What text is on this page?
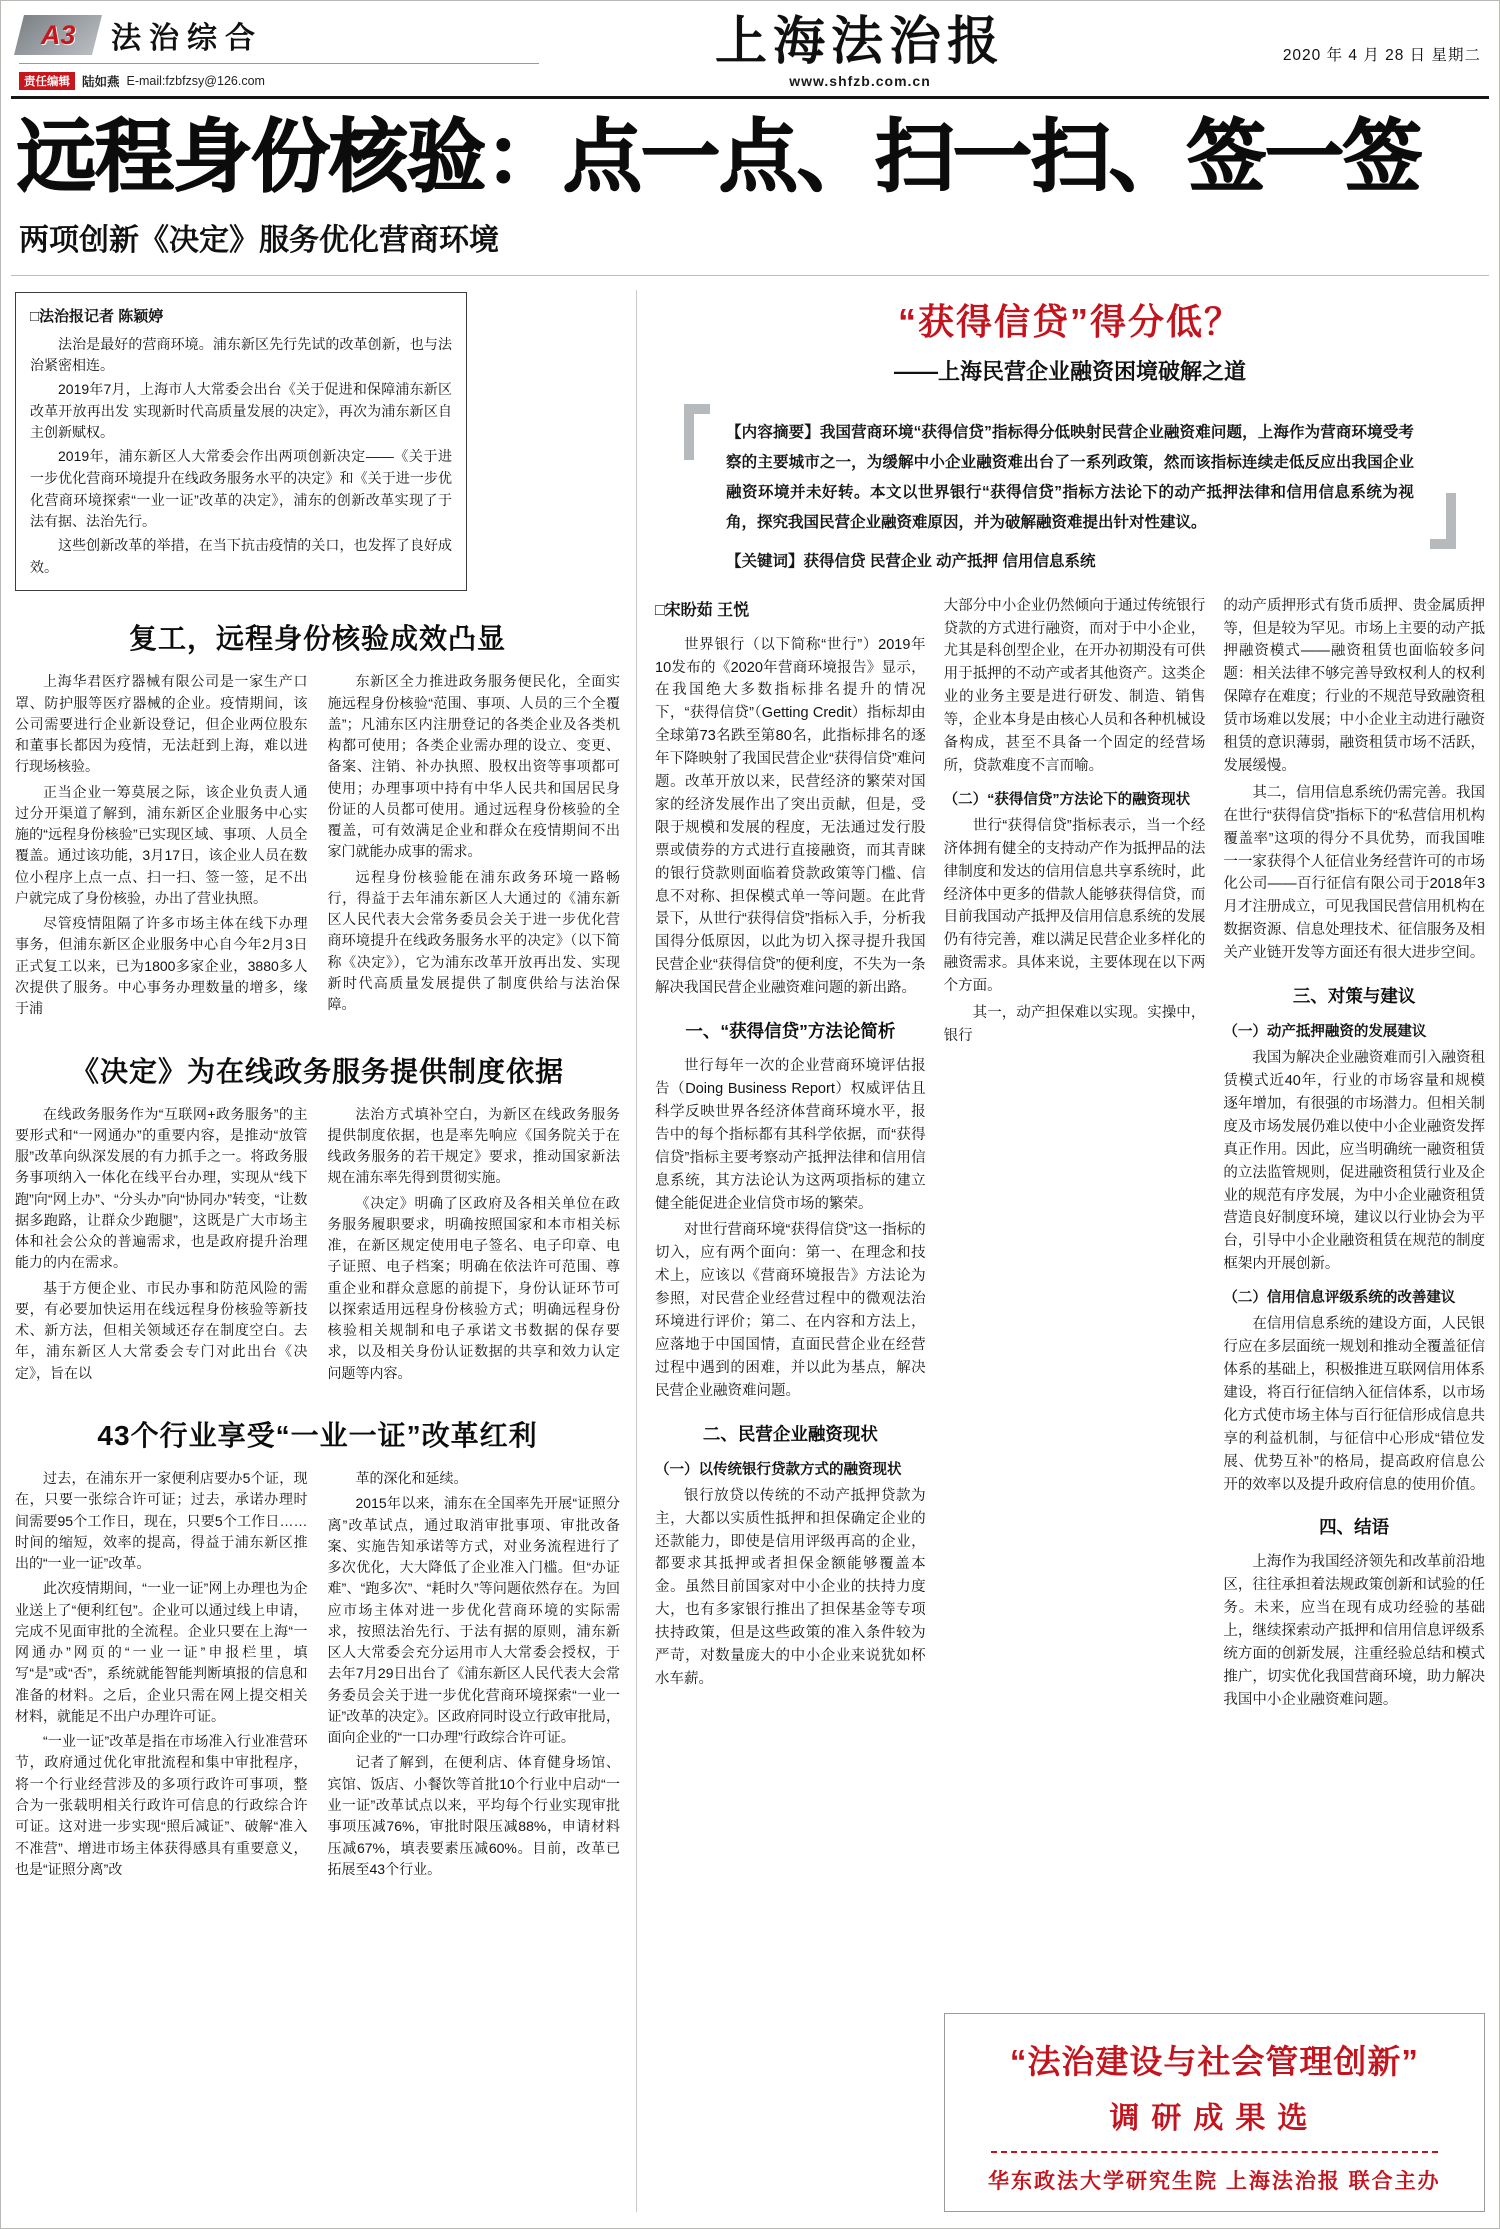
A3 法治综合
责任编辑 陆如燕 E-mail:fzbfzsy@126.com
上海法治报
www.shfzb.com.cn
2020 年 4 月 28 日 星期二
远程身份核验：点一点、扫一扫、签一签
两项创新《决定》服务优化营商环境
□法治报记者 陈颖婷

法治是最好的营商环境。浦东新区先行先试的改革创新，也与法治紧密相连。

2019年7月，上海市人大常委会出台《关于促进和保障浦东新区改革开放再出发 实现新时代高质量发展的决定》，再次为浦东新区自主创新赋权。

2019年，浦东新区人大常委会作出两项创新决定——《关于进一步优化营商环境提升在线政务服务水平的决定》和《关于进一步优化营商环境探索“一业一证”改革的决定》，浦东的创新改革实现了于法有据、法治先行。

这些创新改革的举措，在当下抗击疫情的关口，也发挥了良好成效。

复工，远程身份核验成效凸显

上海华君医疗器械有限公司是一家生产口罩、防护服等医疗器械的企业。疫情期间，该公司需要进行企业新设登记，但企业两位股东和董事长都因为疫情，无法赶到上海，难以进行现场核验。

正当企业一筹莫展之际，该企业负责人通过分开渠道了解到，浦东新区企业服务中心实施的“远程身份核验”已实现区域、事项、人员全覆盖。通过该功能，3月17日，该企业人员在数位小程序上点一点、扫一扫、签一签，足不出户就完成了身份核验，办出了营业执照。

尽管疫情阻隔了许多市场主体在线下办理事务，但浦东新区企业服务中心自今年2月3日正式复工以来，已为1800多家企业，3880多人次提供了服务。中心事务办理数量的增多，缘于浦

东新区全力推进政务服务便民化，全面实施远程身份核验“范围、事项、人员的三个全覆盖”；凡浦东区内注册登记的各类企业及各类机构都可使用；各类企业需办理的设立、变更、备案、注销、补办执照、股权出资等事项都可使用；办理事项中持有中华人民共和国居民身份证的人员都可使用。通过远程身份核验的全覆盖，可有效满足企业和群众在疫情期间不出家门就能办成事的需求。

远程身份核验能在浦东政务环境一路畅行，得益于去年浦东新区人大通过的《浦东新区人民代表大会常务委员会关于进一步优化营商环境提升在线政务服务水平的决定》（以下简称《决定》），它为浦东改革开放再出发、实现新时代高质量发展提供了制度供给与法治保障。

《决定》为在线政务服务提供制度依据

在线政务服务作为“互联网+政务服务”的主要形式和“一网通办”的重要内容，是推动“放管服”改革向纵深发展的有力抓手之一。将政务服务事项纳入一体化在线平台办理，实现从“线下跑”向“网上办”、“分头办”向“协同办”转变，“让数据多跑路，让群众少跑腿”，这既是广大市场主体和社会公众的普遍需求，也是政府提升治理能力的内在需求。

基于方便企业、市民办事和防范风险的需要，有必要加快运用在线远程身份核验等新技术、新方法，但相关领域还存在制度空白。去年，浦东新区人大常委会专门对此出台《决定》，旨在以

法治方式填补空白，为新区在线政务服务提供制度依据，也是率先响应《国务院关于在线政务服务的若干规定》要求，推动国家新法规在浦东率先得到贯彻实施。

《决定》明确了区政府及各相关单位在政务服务履职要求，明确按照国家和本市相关标准，在新区规定使用电子签名、电子印章、电子证照、电子档案；明确在依法许可范围、尊重企业和群众意愿的前提下，身份认证环节可以探索适用远程身份核验方式；明确远程身份核验相关规制和电子承诺文书数据的保存要求，以及相关身份认证数据的共享和效力认定问题等内容。

43个行业享受“一业一证”改革红利

过去，在浦东开一家便利店要办5个证，现在，只要一张综合许可证；过去，承诺办理时间需要95个工作日，现在，只要5个工作日……时间的缩短，效率的提高，得益于浦东新区推出的“一业一证”改革。

此次疫情期间，“一业一证”网上办理也为企业送上了“便利红包”。企业可以通过线上申请，完成不见面审批的全流程。企业只要在上海“一网通办”网页的“一业一证”申报栏里，填写“是”或“否”，系统就能智能判断填报的信息和准备的材料。之后，企业只需在网上提交相关材料，就能足不出户办理许可证。

“一业一证”改革是指在市场准入行业准营环节，政府通过优化审批流程和集中审批程序，将一个行业经营涉及的多项行政许可事项，整合为一张载明相关行政许可信息的行政综合许可证。这对进一步实现“照后减证”、破解“准入不准营”、增进市场主体获得感具有重要意义，也是“证照分离”改

革的深化和延续。

2015年以来，浦东在全国率先开展“证照分离”改革试点，通过取消审批事项、审批改备案、实施告知承诺等方式，对业务流程进行了多次优化，大大降低了企业准入门槛。但“办证难”、“跑多次”、“耗时久”等问题依然存在。为回应市场主体对进一步优化营商环境的实际需求，按照法治先行、于法有据的原则，浦东新区人大常委会充分运用市人大常委会授权，于去年7月29日出台了《浦东新区人民代表大会常务委员会关于进一步优化营商环境探索“一业一证”改革的决定》。区政府同时设立行政审批局，面向企业的“一口办理”行政综合许可证。

记者了解到，在便利店、体育健身场馆、宾馆、饭店、小餐饮等首批10个行业中启动“一业一证”改革试点以来，平均每个行业实现审批事项压减76%，审批时限压减88%，申请材料压减67%，填表要素压减60%。目前，改革已拓展至43个行业。

“获得信贷”得分低？
——上海民营企业融资困境破解之道

【内容摘要】我国营商环境“获得信贷”指标得分低映射民营企业融资难问题，上海作为营商环境受考察的主要城市之一，为缓解中小企业融资难出台了一系列政策，然而该指标连续走低反应出我国企业融资环境并未好转。本文以世界银行“获得信贷”指标方法论下的动产抵押法律和信用信息系统为视角，探究我国民营企业融资难原因，并为破解融资难提出针对性建议。

【关键词】获得信贷 民营企业 动产抵押 信用信息系统

□宋盼茹 王悦
世界银行（以下简称“世行”）2019年10发布的《2020年营商环境报告》显示，在我国绝大多数指标排名提升的情况下，“获得信贷”（Getting Credit）指标却由全球第73名跌至第80名，此指标排名的逐年下降映射了我国民营企业“获得信贷”难问题。改革开放以来，民营经济的繁荣对国家的经济发展作出了突出贡献，但是，受限于规模和发展的程度，无法通过发行股票或债券的方式进行直接融资，而其青睐的银行贷款则面临着贷款政策等门槛、信息不对称、担保模式单一等问题。在此背景下，从世行“获得信贷”指标入手，分析我国得分低原因，以此为切入探寻提升我国民营企业“获得信贷”的便利度，不失为一条解决我国民营企业融资难问题的新出路。
一、“获得信贷”方法论简析
世行每年一次的企业营商环境评估报告（Doing Business Report）权威评估且科学反映世界各经济体营商环境水平，报告中的每个指标都有其科学依据，而“获得信贷”指标主要考察动产抵押法律和信用信息系统，其方法论认为这两项指标的建立健全能促进企业信贷市场的繁荣。
对世行营商环境“获得信贷”这一指标的切入，应有两个面向：第一、在理念和技术上，应该以《营商环境报告》方法论为参照，对民营企业经营过程中的微观法治环境进行评价；第二、在内容和方法上，应落地于中国国情，直面民营企业在经营过程中遇到的困难，并以此为基点，解决民营企业融资难问题。
二、民营企业融资现状
（一）以传统银行贷款方式的融资现状
银行放贷以传统的不动产抵押贷款为主，大都以实质性抵押和担保确定企业的还款能力，即使是信用评级再高的企业，都要求其抵押或者担保金额能够覆盖本金。虽然目前国家对中小企业的扶持力度大，也有多家银行推出了担保基金等专项扶持政策，但是这些政策的准入条件较为严苛，对数量庞大的中小企业来说犹如杯水车薪。
大部分中小企业仍然倾向于通过传统银行贷款的方式进行融资，而对于中小企业，尤其是科创型企业，在开办初期没有可供用于抵押的不动产或者其他资产。这类企业的业务主要是进行研发、制造、销售等，企业本身是由核心人员和各种机械设备构成，甚至不具备一个固定的经营场所，贷款难度不言而喻。
（二）“获得信贷”方法论下的融资现状
世行“获得信贷”指标表示，当一个经济体拥有健全的支持动产作为抵押品的法律制度和发达的信用信息共享系统时，此经济体中更多的借款人能够获得信贷，而目前我国动产抵押及信用信息系统的发展仍有待完善，难以满足民营企业多样化的融资需求。具体来说，主要体现在以下两个方面。
其一，动产担保难以实现。实操中，银行
的动产质押形式有货币质押、贵金属质押等，但是较为罕见。市场上主要的动产抵押融资模式——融资租赁也面临较多问题：相关法律不够完善导致权利人的权利保障存在难度；行业的不规范导致融资租赁市场难以发展；中小企业主动进行融资租赁的意识薄弱，融资租赁市场不活跃，发展缓慢。
其二，信用信息系统仍需完善。我国在世行“获得信贷”指标下的“私营信用机构覆盖率”这项的得分不具优势，而我国唯一一家获得个人征信业务经营许可的市场化公司——百行征信有限公司于2018年3月才注册成立，可见我国民营信用机构在数据资源、信息处理技术、征信服务及相关产业链开发等方面还有很大进步空间。
三、对策与建议
（一）动产抵押融资的发展建议
我国为解决企业融资难而引入融资租赁模式近40年，行业的市场容量和规模逐年增加，有很强的市场潜力。但相关制度及市场发展仍难以使中小企业融资发挥真正作用。因此，应当明确统一融资租赁的立法监管规则，促进融资租赁行业及企业的规范有序发展，为中小企业融资租赁营造良好制度环境，建议以行业协会为平台，引导中小企业融资租赁在规范的制度框架内开展创新。
（二）信用信息评级系统的改善建议
在信用信息系统的建设方面，人民银行应在多层面统一规划和推动全覆盖征信体系的基础上，积极推进互联网信用体系建设，将百行征信纳入征信体系，以市场化方式使市场主体与百行征信形成信息共享的利益机制，与征信中心形成“错位发展、优势互补”的格局，提高政府信息公开的效率以及提升政府信息的使用价值。
四、结语
上海作为我国经济领先和改革前沿地区，往往承担着法规政策创新和试验的任务。未来，应当在现有成功经验的基础上，继续探索动产抵押和信用信息评级系统方面的创新发展，注重经验总结和模式推广，切实优化我国营商环境，助力解决我国中小企业融资难问题。
“法治建设与社会管理创新”
调研成果选
华东政法大学研究生院 上海法治报 联合主办
